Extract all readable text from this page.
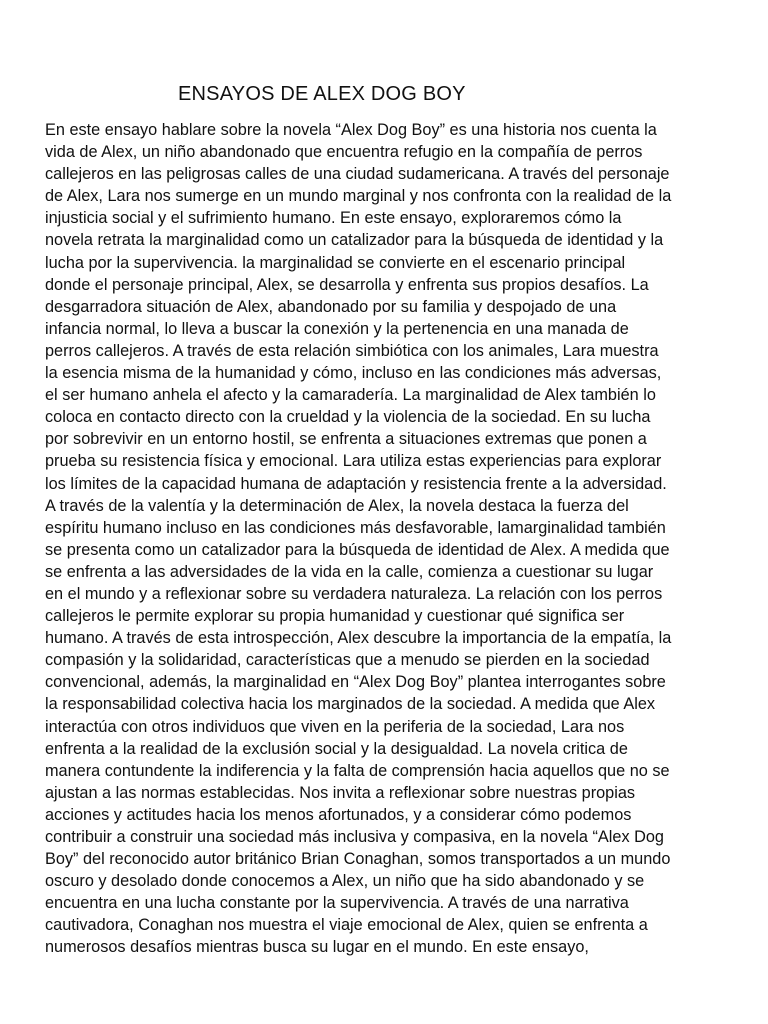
ENSAYOS DE ALEX DOG BOY
En este ensayo hablare sobre la novela “Alex Dog Boy” es una historia nos cuenta la
vida de Alex, un niño abandonado que encuentra refugio en la compañía de perros
callejeros en las peligrosas calles de una ciudad sudamericana. A través del personaje
de Alex, Lara nos sumerge en un mundo marginal y nos confronta con la realidad de la
injusticia social y el sufrimiento humano. En este ensayo, exploraremos cómo la
novela retrata la marginalidad como un catalizador para la búsqueda de identidad y la
lucha por la supervivencia. la marginalidad se convierte en el escenario principal
donde el personaje principal, Alex, se desarrolla y enfrenta sus propios desafíos. La
desgarradora situación de Alex, abandonado por su familia y despojado de una
infancia normal, lo lleva a buscar la conexión y la pertenencia en una manada de
perros callejeros. A través de esta relación simbiótica con los animales, Lara muestra
la esencia misma de la humanidad y cómo, incluso en las condiciones más adversas,
el ser humano anhela el afecto y la camaradería. La marginalidad de Alex también lo
coloca en contacto directo con la crueldad y la violencia de la sociedad. En su lucha
por sobrevivir en un entorno hostil, se enfrenta a situaciones extremas que ponen a
prueba su resistencia física y emocional. Lara utiliza estas experiencias para explorar
los límites de la capacidad humana de adaptación y resistencia frente a la adversidad.
A través de la valentía y la determinación de Alex, la novela destaca la fuerza del
espíritu humano incluso en las condiciones más desfavorable, lamarginalidad también
se presenta como un catalizador para la búsqueda de identidad de Alex. A medida que
se enfrenta a las adversidades de la vida en la calle, comienza a cuestionar su lugar
en el mundo y a reflexionar sobre su verdadera naturaleza. La relación con los perros
callejeros le permite explorar su propia humanidad y cuestionar qué significa ser
humano. A través de esta introspección, Alex descubre la importancia de la empatía, la
compasión y la solidaridad, características que a menudo se pierden en la sociedad
convencional, además, la marginalidad en “Alex Dog Boy” plantea interrogantes sobre
la responsabilidad colectiva hacia los marginados de la sociedad. A medida que Alex
interactúa con otros individuos que viven en la periferia de la sociedad, Lara nos
enfrenta a la realidad de la exclusión social y la desigualdad. La novela critica de
manera contundente la indiferencia y la falta de comprensión hacia aquellos que no se
ajustan a las normas establecidas. Nos invita a reflexionar sobre nuestras propias
acciones y actitudes hacia los menos afortunados, y a considerar cómo podemos
contribuir a construir una sociedad más inclusiva y compasiva, en la novela “Alex Dog
Boy” del reconocido autor británico Brian Conaghan, somos transportados a un mundo
oscuro y desolado donde conocemos a Alex, un niño que ha sido abandonado y se
encuentra en una lucha constante por la supervivencia. A través de una narrativa
cautivadora, Conaghan nos muestra el viaje emocional de Alex, quien se enfrenta a
numerosos desafíos mientras busca su lugar en el mundo. En este ensayo,
